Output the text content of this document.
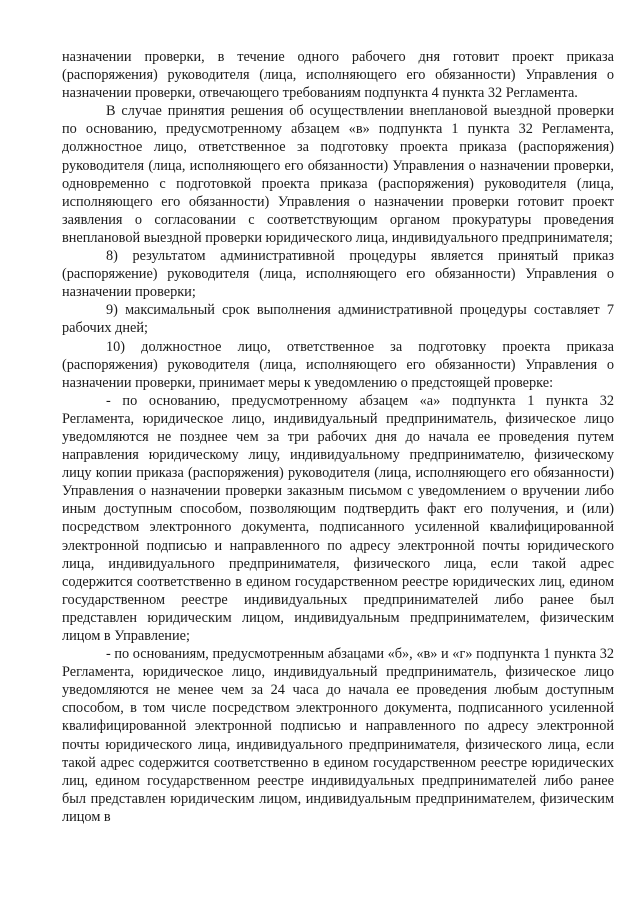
назначении проверки, в течение одного рабочего дня готовит проект приказа (распоряжения) руководителя (лица, исполняющего его обязанности) Управления о назначении проверки, отвечающего требованиям подпункта 4 пункта 32 Регламента.

В случае принятия решения об осуществлении внеплановой выездной проверки по основанию, предусмотренному абзацем «в» подпункта 1 пункта 32 Регламента, должностное лицо, ответственное за подготовку проекта приказа (распоряжения) руководителя (лица, исполняющего его обязанности) Управления о назначении проверки, одновременно с подготовкой проекта приказа (распоряжения) руководителя (лица, исполняющего его обязанности) Управления о назначении проверки готовит проект заявления о согласовании с соответствующим органом прокуратуры проведения внеплановой выездной проверки юридического лица, индивидуального предпринимателя;

8) результатом административной процедуры является принятый приказ (распоряжение) руководителя (лица, исполняющего его обязанности) Управления о назначении проверки;

9) максимальный срок выполнения административной процедуры составляет 7 рабочих дней;

10) должностное лицо, ответственное за подготовку проекта приказа (распоряжения) руководителя (лица, исполняющего его обязанности) Управления о назначении проверки, принимает меры к уведомлению о предстоящей проверке:

- по основанию, предусмотренному абзацем «а» подпункта 1 пункта 32 Регламента, юридическое лицо, индивидуальный предприниматель, физическое лицо уведомляются не позднее чем за три рабочих дня до начала ее проведения путем направления юридическому лицу, индивидуальному предпринимателю, физическому лицу копии приказа (распоряжения) руководителя (лица, исполняющего его обязанности) Управления о назначении проверки заказным письмом с уведомлением о вручении либо иным доступным способом, позволяющим подтвердить факт его получения, и (или) посредством электронного документа, подписанного усиленной квалифицированной электронной подписью и направленного по адресу электронной почты юридического лица, индивидуального предпринимателя, физического лица, если такой адрес содержится соответственно в едином государственном реестре юридических лиц, едином государственном реестре индивидуальных предпринимателей либо ранее был представлен юридическим лицом, индивидуальным предпринимателем, физическим лицом в Управление;

- по основаниям, предусмотренным абзацами «б», «в» и «г» подпункта 1 пункта 32 Регламента, юридическое лицо, индивидуальный предприниматель, физическое лицо уведомляются не менее чем за 24 часа до начала ее проведения любым доступным способом, в том числе посредством электронного документа, подписанного усиленной квалифицированной электронной подписью и направленного по адресу электронной почты юридического лица, индивидуального предпринимателя, физического лица, если такой адрес содержится соответственно в едином государственном реестре юридических лиц, едином государственном реестре индивидуальных предпринимателей либо ранее был представлен юридическим лицом, индивидуальным предпринимателем, физическим лицом в
